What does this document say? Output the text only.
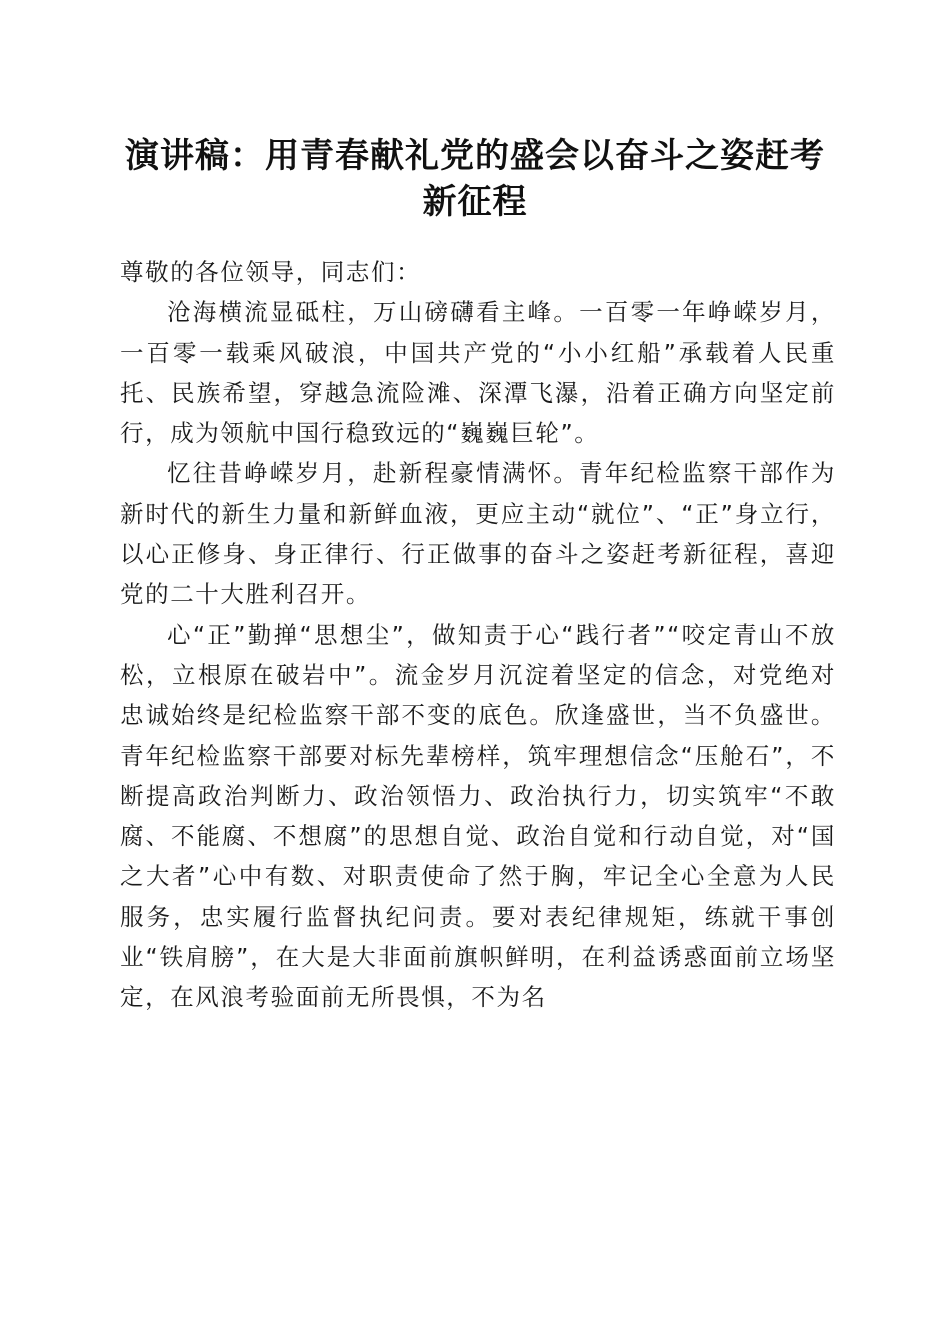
演讲稿：用青春献礼党的盛会以奋斗之姿赶考新征程

尊敬的各位领导，同志们：

沧海横流显砥柱，万山磅礴看主峰。一百零一年峥嵘岁月，一百零一载乘风破浪，中国共产党的“小小红船”承载着人民重托、民族希望，穿越急流险滩、深潭飞瀑，沿着正确方向坚定前行，成为领航中国行稳致远的“巍巍巨轮”。

忆往昔峥嵘岁月，赴新程豪情满怀。青年纪检监察干部作为新时代的新生力量和新鲜血液，更应主动“就位”、“正”身立行，以心正修身、身正律行、行正做事的奋斗之姿赶考新征程，喜迎党的二十大胜利召开。

心“正”勤掸“思想尘”，做知责于心“践行者”“咬定青山不放松，立根原在破岩中”。流金岁月沉淀着坚定的信念，对党绝对忠诚始终是纪检监察干部不变的底色。欣逢盛世，当不负盛世。青年纪检监察干部要对标先辈榜样，筑牢理想信念“压舱石”，不断提高政治判断力、政治领悟力、政治执行力，切实筑牢“不敢腐、不能腐、不想腐”的思想自觉、政治自觉和行动自觉，对“国之大者”心中有数、对职责使命了然于胸，牢记全心全意为人民服务，忠实履行监督执纪问责。要对表纪律规矩，练就干事创业“铁肩膀”，在大是大非面前旗帜鲜明，在利益诱惑面前立场坚定，在风浪考验面前无所畏惧，不为名
